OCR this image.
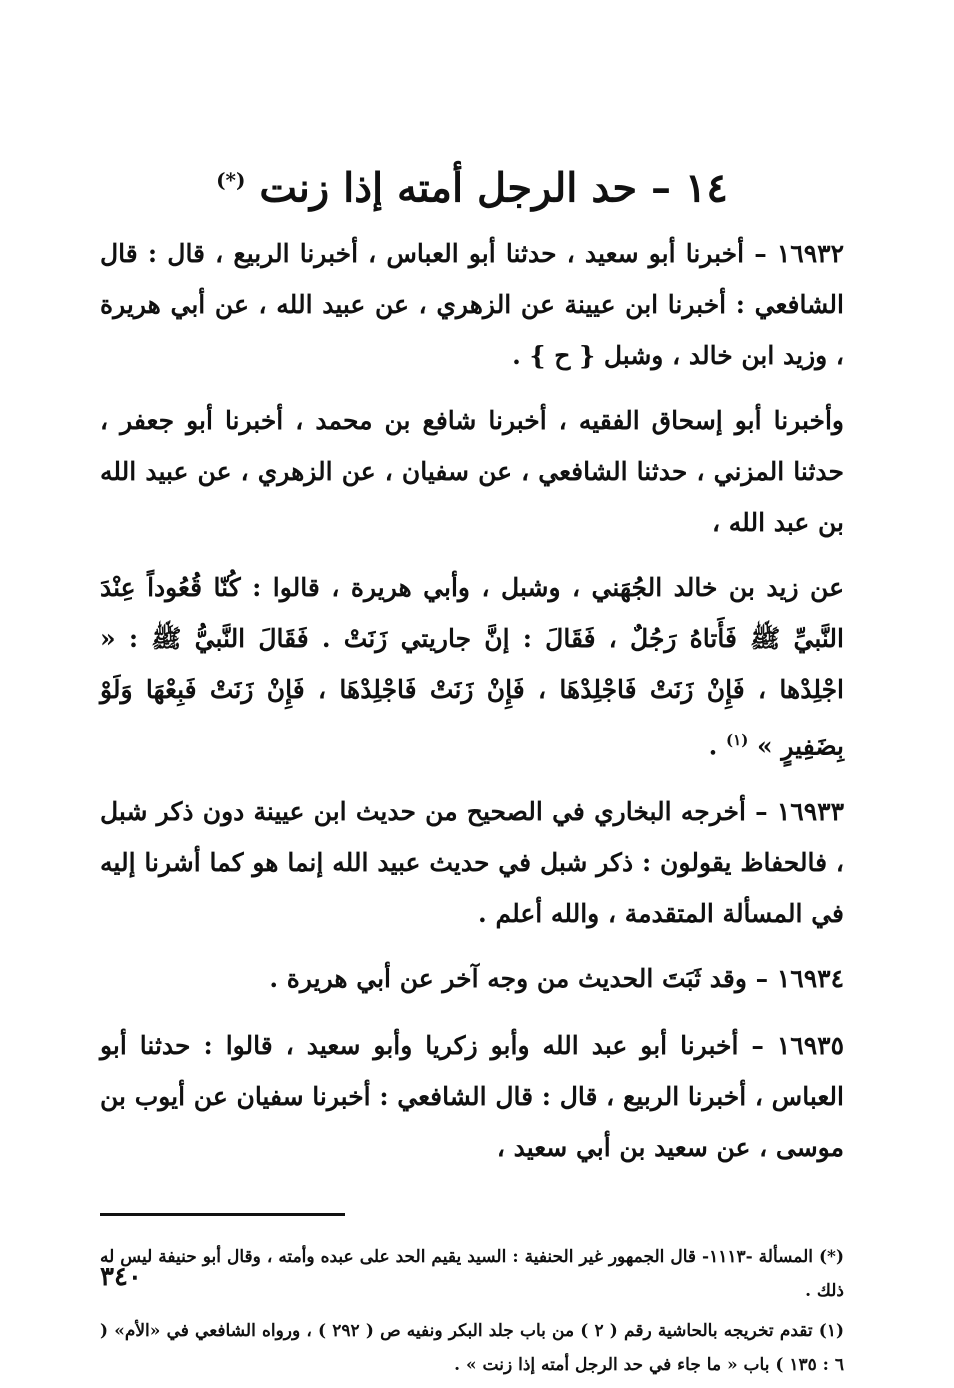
١٤ – حد الرجل أمته إذا زنت (*)

١٦٩٣٢ – أخبرنا أبو سعيد ، حدثنا أبو العباس ، أخبرنا الربيع ، قال : قال الشافعي : أخبرنا ابن عيينة عن الزهري ، عن عبيد الله ، عن أبي هريرة ، وزيد ابن خالد ، وشبل { ح } .

وأخبرنا أبو إسحاق الفقيه ، أخبرنا شافع بن محمد ، أخبرنا أبو جعفر ، حدثنا المزني ، حدثنا الشافعي ، عن سفيان ، عن الزهري ، عن عبيد الله بن عبد الله ،

عن زيد بن خالد الجُهَني ، وشبل ، وأبي هريرة ، قالوا : كُنّا قُعُوداً عِنْدَ النَّبيِّ ﷺ فَأَتاهُ رَجُلٌ ، فَقَالَ : إنَّ جاريتي زَنَتْ . فَقَالَ النَّبيُّ ﷺ : « اجْلِدْها ، فَإِنْ زَنَتْ فَاجْلِدْهَا ، فَإِنْ زَنَتْ فَاجْلِدْهَا ، فَإِنْ زَنَتْ فَبِعْهَا وَلَوْ بِضَفِيرٍ » $^{(١)}$ .

١٦٩٣٣ – أخرجه البخاري في الصحيح من حديث ابن عيينة دون ذكر شبل ، فالحفاظ يقولون : ذكر شبل في حديث عبيد الله إنما هو كما أشرنا إليه في المسألة المتقدمة ، والله أعلم .

١٦٩٣٤ – وقد ثَبَتَ الحديث من وجه آخر عن أبي هريرة .

١٦٩٣٥ – أخبرنا أبو عبد الله وأبو زكريا وأبو سعيد ، قالوا : حدثنا أبو العباس ، أخبرنا الربيع ، قال : قال الشافعي : أخبرنا سفيان عن أيوب بن موسى ، عن سعيد بن أبي سعيد ،

(*) المسألة -١١١٣- قال الجمهور غير الحنفية : السيد يقيم الحد على عبده وأمته ، وقال أبو حنيفة ليس له ذلك .

(١) تقدم تخريجه بالحاشية رقم ( ٢ ) من باب جلد البكر ونفيه ص ( ٢٩٢ ) ، ورواه الشافعي في «الأم» ( ٦ : ١٣٥ ) باب « ما جاء في حد الرجل أمته إذا زنت » .

٣٤٠
